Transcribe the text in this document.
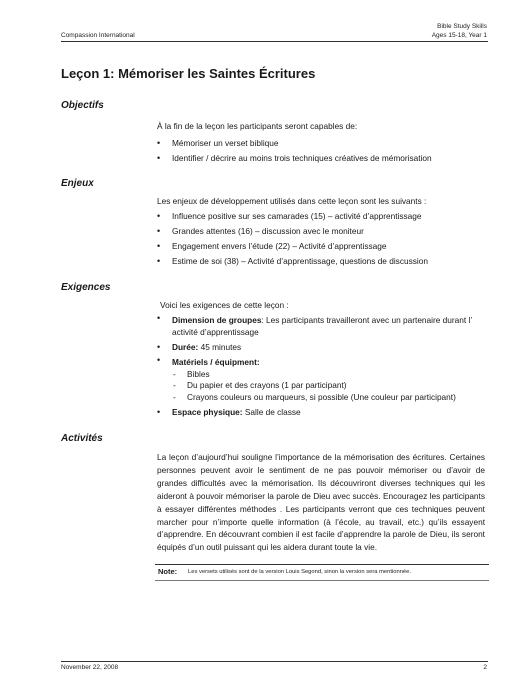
Compassion International
Bible Study Skills
Ages 15-18, Year 1
Leçon 1: Mémoriser les Saintes Écritures
Objectifs
À la fin de la leçon les participants seront capables de:
• Mémoriser un verset biblique
• Identifier / décrire au moins trois techniques créatives de mémorisation
Enjeux
Les enjeux de développement utilisés dans cette leçon sont les suivants :
• Influence positive sur ses camarades (15) – activité d’apprentissage
• Grandes attentes (16) – discussion avec le moniteur
• Engagement envers l’étude (22) – Activité d’apprentissage
• Estime de soi (38) – Activité d’apprentissage, questions de discussion
Exigences
Voici les exigences de cette leçon :
• Dimension de groupes: Les participants travailleront avec un partenaire durant l’ activité d’apprentissage
• Durée: 45 minutes
• Matériels / équipment:
- Bibles
- Du papier et des crayons (1 par participant)
- Crayons couleurs ou marqueurs, si possible (Une couleur par participant)
• Espace physique: Salle de classe
Activités
La leçon d’aujourd’hui souligne l’importance de la mémorisation des écritures. Certaines personnes peuvent avoir le sentiment de ne pas pouvoir mémoriser ou d’avoir de grandes difficultés avec la mémorisation. Ils découvriront diverses techniques qui les aideront à pouvoir mémoriser la parole de Dieu avec succès. Encouragez les participants à essayer différentes méthodes . Les participants verront que ces techniques peuvent marcher pour n’importe quelle information (à l’école, au travail, etc.) qu’ils essayent d’apprendre. En découvrant combien il est facile d’apprendre la parole de Dieu, ils seront équipés d’un outil puissant qui les aidera durant toute la vie.
Note: Les versets utilisés sont de la version Louis Segond, sinon la version sera mentionnée.
November 22, 2008	2
